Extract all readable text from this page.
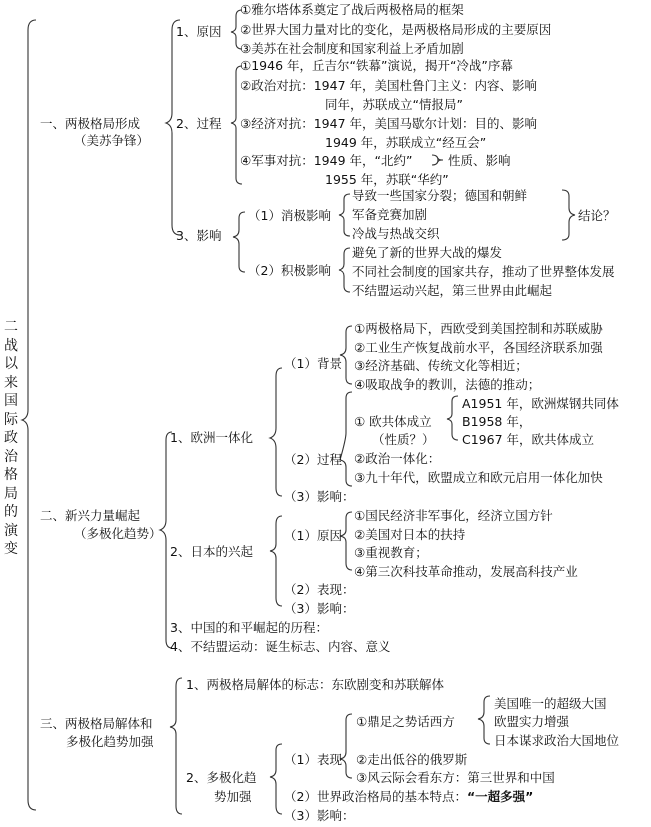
二战以来国际政治格局的演变
一、两极格局形成
（美苏争锋）
1、原因
①雅尔塔体系奠定了战后两极格局的框架
②世界大国力量对比的变化，是两极格局形成的主要原因
③美苏在社会制度和国家利益上矛盾加剧
2、过程
①1946 年，丘吉尔“铁幕”演说，揭开“冷战”序幕
②政治对抗：1947 年，美国杜鲁门主义：内容、影响
同年，苏联成立“情报局”
③经济对抗：1947 年，美国马歇尔计划：目的、影响
1949 年，苏联成立“经互会”
④军事对抗：1949 年，“北约”
1955 年，苏联“华约”
性质、影响
3、影响
（1）消极影响
导致一些国家分裂；德国和朝鲜
军备竞赛加剧
冷战与热战交织
结论？
（2）积极影响
避免了新的世界大战的爆发
不同社会制度的国家共存，推动了世界整体发展
不结盟运动兴起，第三世界由此崛起
二、新兴力量崛起
（多极化趋势）
1、欧洲一体化
（1）背景
①两极格局下，西欧受到美国控制和苏联威胁
②工业生产恢复战前水平，各国经济联系加强
③经济基础、传统文化等相近；
④吸取战争的教训，法德的推动；
（2）过程
① 欧共体成立
（性质？）
A1951 年，欧洲煤钢共同体
B1958 年，
C1967 年，欧共体成立
②政治一体化：
③九十年代，欧盟成立和欧元启用一体化加快
（3）影响：
2、日本的兴起
（1）原因
①国民经济非军事化，经济立国方针
②美国对日本的扶持
③重视教育；
④第三次科技革命推动，发展高科技产业
（2）表现：
（3）影响：
3、中国的和平崛起的历程：
4、不结盟运动：诞生标志、内容、意义
三、两极格局解体和
多极化趋势加强
1、两极格局解体的标志：东欧剧变和苏联解体
2、多极化趋
势加强
（1）表现
①鼎足之势话西方
美国唯一的超级大国
欧盟实力增强
日本谋求政治大国地位
②走出低谷的俄罗斯
③风云际会看东方：第三世界和中国
（2）世界政治格局的基本特点：“一超多强”
（3）影响：
